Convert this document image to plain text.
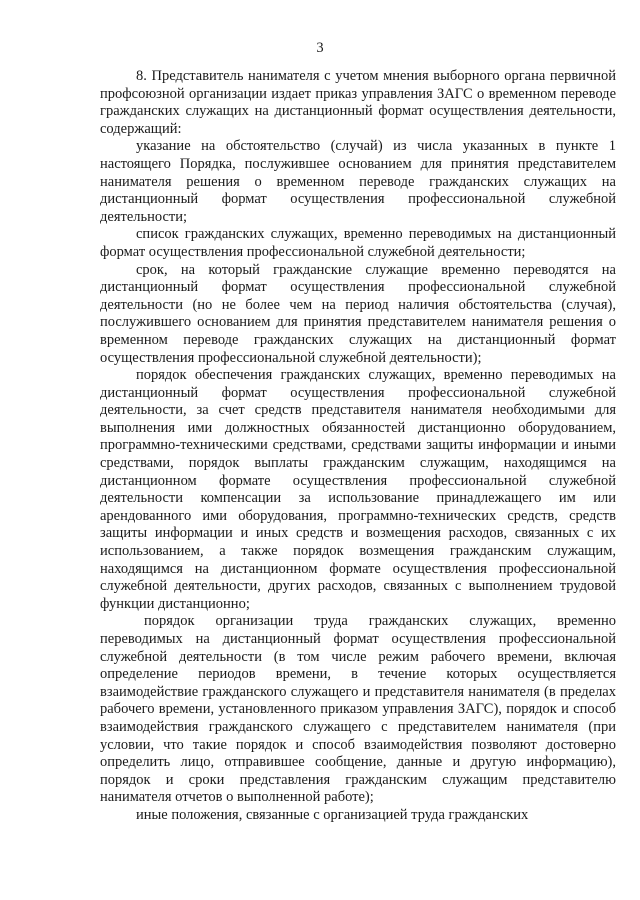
3

8. Представитель нанимателя с учетом мнения выборного органа первичной профсоюзной организации издает приказ управления ЗАГС о временном переводе гражданских служащих на дистанционный формат осуществления деятельности, содержащий:

указание на обстоятельство (случай) из числа указанных в пункте 1 настоящего Порядка, послужившее основанием для принятия представителем нанимателя решения о временном переводе гражданских служащих на дистанционный формат осуществления профессиональной служебной деятельности;

список гражданских служащих, временно переводимых на дистанционный формат осуществления профессиональной служебной деятельности;

срок, на который гражданские служащие временно переводятся на дистанционный формат осуществления профессиональной служебной деятельности (но не более чем на период наличия обстоятельства (случая), послужившего основанием для принятия представителем нанимателя решения о временном переводе гражданских служащих на дистанционный формат осуществления профессиональной служебной деятельности);

порядок обеспечения гражданских служащих, временно переводимых на дистанционный формат осуществления профессиональной служебной деятельности, за счет средств представителя нанимателя необходимыми для выполнения ими должностных обязанностей дистанционно оборудованием, программно-техническими средствами, средствами защиты информации и иными средствами, порядок выплаты гражданским служащим, находящимся на дистанционном формате осуществления профессиональной служебной деятельности компенсации за использование принадлежащего им или арендованного ими оборудования, программно-технических средств, средств защиты информации и иных средств и возмещения расходов, связанных с их использованием, а также порядок возмещения гражданским служащим, находящимся на дистанционном формате осуществления профессиональной служебной деятельности, других расходов, связанных с выполнением трудовой функции дистанционно;

порядок организации труда гражданских служащих, временно переводимых на дистанционный формат осуществления профессиональной служебной деятельности (в том числе режим рабочего времени, включая определение периодов времени, в течение которых осуществляется взаимодействие гражданского служащего и представителя нанимателя (в пределах рабочего времени, установленного приказом управления ЗАГС), порядок и способ взаимодействия гражданского служащего с представителем нанимателя (при условии, что такие порядок и способ взаимодействия позволяют достоверно определить лицо, отправившее сообщение, данные и другую информацию), порядок и сроки представления гражданским служащим представителю нанимателя отчетов о выполненной работе);

иные положения, связанные с организацией труда гражданских
